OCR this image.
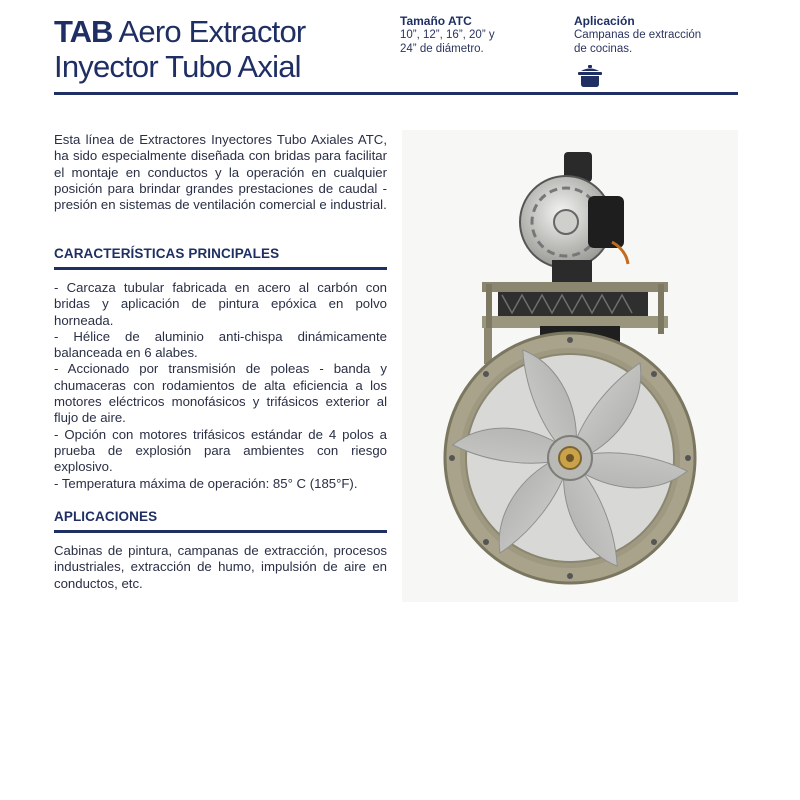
TAB Aero Extractor
Inyector Tubo Axial
Tamaño ATC
10”, 12”, 16”, 20” y
24” de diámetro.
Aplicación
Campanas de extracción
de cocinas.
Esta línea de Extractores Inyectores Tubo Axiales ATC, ha sido especialmente diseñada con bridas para facilitar el montaje en conductos y la operación en cualquier posición para brindar grandes prestaciones de caudal - presión en sistemas de ventilación comercial e industrial.
CARACTERÍSTICAS PRINCIPALES
- Carcaza tubular fabricada en acero al carbón con bridas y aplicación de pintura epóxica en polvo horneada.
- Hélice de aluminio anti-chispa dinámicamente balanceada en 6 alabes.
- Accionado por transmisión de poleas - banda y chumaceras con rodamientos de alta eficiencia a los motores eléctricos monofásicos y trifásicos exterior al flujo de aire.
- Opción con motores trifásicos estándar de 4 polos a prueba de explosión para ambientes con riesgo explosivo.
- Temperatura máxima de operación: 85° C (185°F).
APLICACIONES
Cabinas de pintura, campanas de extracción, procesos industriales, extracción de humo, impulsión de aire en conductos, etc.
